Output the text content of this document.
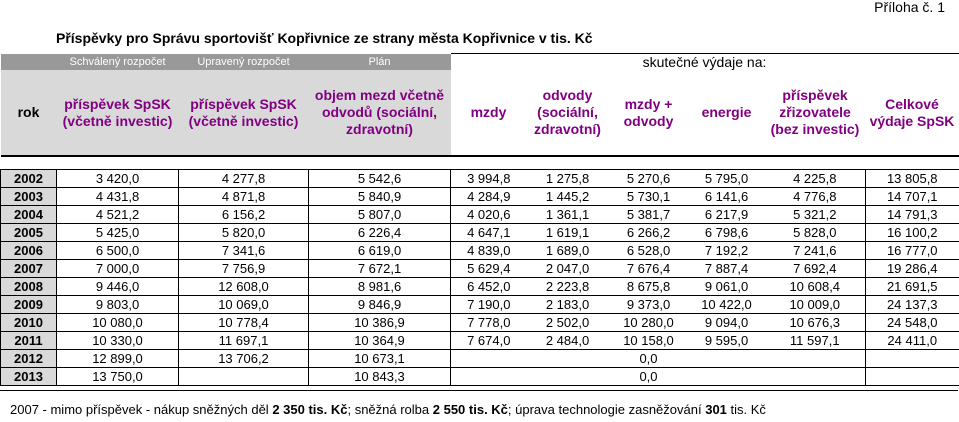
Příloha č. 1
Příspěvky pro Správu sportovišť Kopřivnice ze strany města Kopřivnice v tis. Kč
	Schválený rozpočet	Upravený rozpočet	Plán	skutečné výdaje na:					
rok	příspěvek SpSK (včetně investic)	příspěvek SpSK (včetně investic)	objem mezd včetně odvodů (sociální, zdravotní)	mzdy	odvody (sociální, zdravotní)	mzdy + odvody	energie	příspěvek zřizovatele (bez investic)	Celkové výdaje SpSK

2002	3 420,0	4 277,8	5 542,6	3 994,8	1 275,8	5 270,6	5 795,0	4 225,8	13 805,8
2003	4 431,8	4 871,8	5 840,9	4 284,9	1 445,2	5 730,1	6 141,6	4 776,8	14 707,1
2004	4 521,2	6 156,2	5 807,0	4 020,6	1 361,1	5 381,7	6 217,9	5 321,2	14 791,3
2005	5 425,0	5 820,0	6 226,4	4 647,1	1 619,1	6 266,2	6 798,6	5 828,0	16 100,2
2006	6 500,0	7 341,6	6 619,0	4 839,0	1 689,0	6 528,0	7 192,2	7 241,6	16 777,0
2007	7 000,0	7 756,9	7 672,1	5 629,4	2 047,0	7 676,4	7 887,4	7 692,4	19 286,4
2008	9 446,0	12 608,0	8 981,6	6 452,0	2 223,8	8 675,8	9 061,0	10 608,4	21 691,5
2009	9 803,0	10 069,0	9 846,9	7 190,0	2 183,0	9 373,0	10 422,0	10 009,0	24 137,3
2010	10 080,0	10 778,4	10 386,9	7 778,0	2 502,0	10 280,0	9 094,0	10 676,3	24 548,0
2011	10 330,0	11 697,1	10 364,9	7 674,0	2 484,0	10 158,0	9 595,0	11 597,1	24 411,0
2012	12 899,0	13 706,2	10 673,1			0,0			
2013	13 750,0		10 843,3			0,0			
2007 - mimo příspěvek - nákup sněžných děl 2 350 tis. Kč; sněžná rolba 2 550 tis. Kč; úprava technologie zasněžování 301 tis. Kč
